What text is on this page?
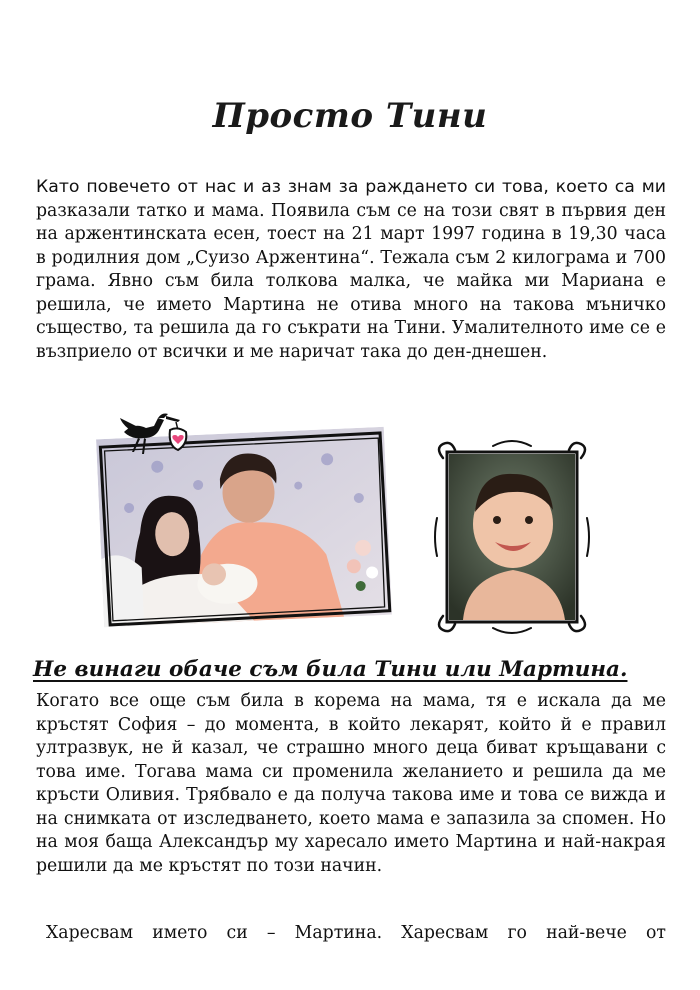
Просто Тини

Като повечето от нас и аз знам за раждането си това, което са ми разказали татко и мама. Появила съм се на този свят в първия ден на аржентинската есен, тоест на 21 март 1997 година в 19,30 часа в родилния дом „Суизо Аржентина“. Тежала съм 2 килограма и 700 грама. Явно съм била толкова малка, че майка ми Мариана е решила, че името Мартина не отива много на такова мъничко същество, та решила да го съкрати на Тини. Умалителното име се е възприело от всички и ме наричат така до ден-днешен.

Не винаги обаче съм била Тини или Мартина.

Когато все още съм била в корема на мама, тя е искала да ме кръстят София – до момента, в който лекарят, който й е правил ултразвук, не й казал, че страшно много деца биват кръщавани с това име. Тогава мама си променила желанието и решила да ме кръсти Оливия. Трябвало е да получа такова име и това се вижда и на снимката от изследването, което мама е запазила за спомен. Но на моя баща Александър му харесало името Мартина и най-накрая решили да ме кръстят по този начин.

Харесвам името си – Мартина. Харесвам го най-вече от
